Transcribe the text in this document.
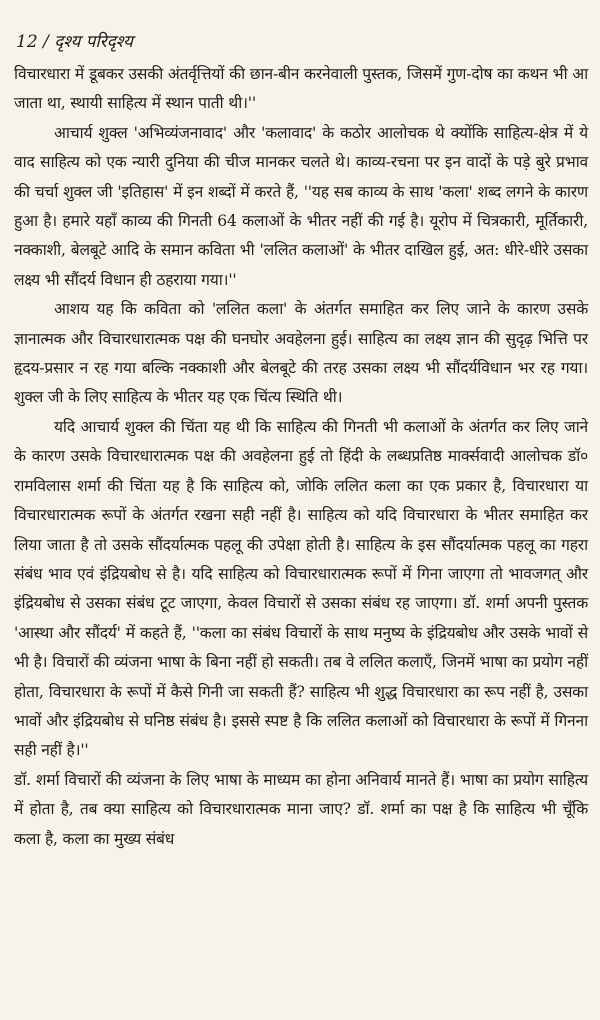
12 / दृश्य परिदृश्य

विचारधारा में डूबकर उसकी अंतर्वृत्तियों की छान-बीन करनेवाली पुस्तक, जिसमें गुण-दोष का कथन भी आ जाता था, स्थायी साहित्य में स्थान पाती थी।''

आचार्य शुक्ल 'अभिव्यंजनावाद' और 'कलावाद' के कठोर आलोचक थे क्योंकि साहित्य-क्षेत्र में ये वाद साहित्य को एक न्यारी दुनिया की चीज मानकर चलते थे। काव्य-रचना पर इन वादों के पड़े बुरे प्रभाव की चर्चा शुक्ल जी 'इतिहास' में इन शब्दों में करते हैं, ''यह सब काव्य के साथ 'कला' शब्द लगने के कारण हुआ है। हमारे यहाँ काव्य की गिनती 64 कलाओं के भीतर नहीं की गई है। यूरोप में चित्रकारी, मूर्तिकारी, नक्काशी, बेलबूटे आदि के समान कविता भी 'ललित कलाओं' के भीतर दाखिल हुई, अत: धीरे-धीरे उसका लक्ष्य भी सौंदर्य विधान ही ठहराया गया।''

आशय यह कि कविता को 'ललित कला' के अंतर्गत समाहित कर लिए जाने के कारण उसके ज्ञानात्मक और विचारधारात्मक पक्ष की घनघोर अवहेलना हुई। साहित्य का लक्ष्य ज्ञान की सुदृढ़ भित्ति पर हृदय-प्रसार न रह गया बल्कि नक्काशी और बेलबूटे की तरह उसका लक्ष्य भी सौंदर्यविधान भर रह गया। शुक्ल जी के लिए साहित्य के भीतर यह एक चिंत्य स्थिति थी।

यदि आचार्य शुक्ल की चिंता यह थी कि साहित्य की गिनती भी कलाओं के अंतर्गत कर लिए जाने के कारण उसके विचारधारात्मक पक्ष की अवहेलना हुई तो हिंदी के लब्धप्रतिष्ठ मार्क्सवादी आलोचक डॉ० रामविलास शर्मा की चिंता यह है कि साहित्य को, जोकि ललित कला का एक प्रकार है, विचारधारा या विचारधारात्मक रूपों के अंतर्गत रखना सही नहीं है। साहित्य को यदि विचारधारा के भीतर समाहित कर लिया जाता है तो उसके सौंदर्यात्मक पहलू की उपेक्षा होती है। साहित्य के इस सौंदर्यात्मक पहलू का गहरा संबंध भाव एवं इंद्रियबोध से है। यदि साहित्य को विचारधारात्मक रूपों में गिना जाएगा तो भावजगत् और इंद्रियबोध से उसका संबंध टूट जाएगा, केवल विचारों से उसका संबंध रह जाएगा। डॉ. शर्मा अपनी पुस्तक 'आस्था और सौंदर्य' में कहते हैं, ''कला का संबंध विचारों के साथ मनुष्य के इंद्रियबोध और उसके भावों से भी है। विचारों की व्यंजना भाषा के बिना नहीं हो सकती। तब वे ललित कलाएँ, जिनमें भाषा का प्रयोग नहीं होता, विचारधारा के रूपों में कैसे गिनी जा सकती हैं? साहित्य भी शुद्ध विचारधारा का रूप नहीं है, उसका भावों और इंद्रियबोध से घनिष्ठ संबंध है। इससे स्पष्ट है कि ललित कलाओं को विचारधारा के रूपों में गिनना सही नहीं है।''

डॉ. शर्मा विचारों की व्यंजना के लिए भाषा के माध्यम का होना अनिवार्य मानते हैं। भाषा का प्रयोग साहित्य में होता है, तब क्या साहित्य को विचारधारात्मक माना जाए? डॉ. शर्मा का पक्ष है कि साहित्य भी चूँकि कला है, कला का मुख्य संबंध
